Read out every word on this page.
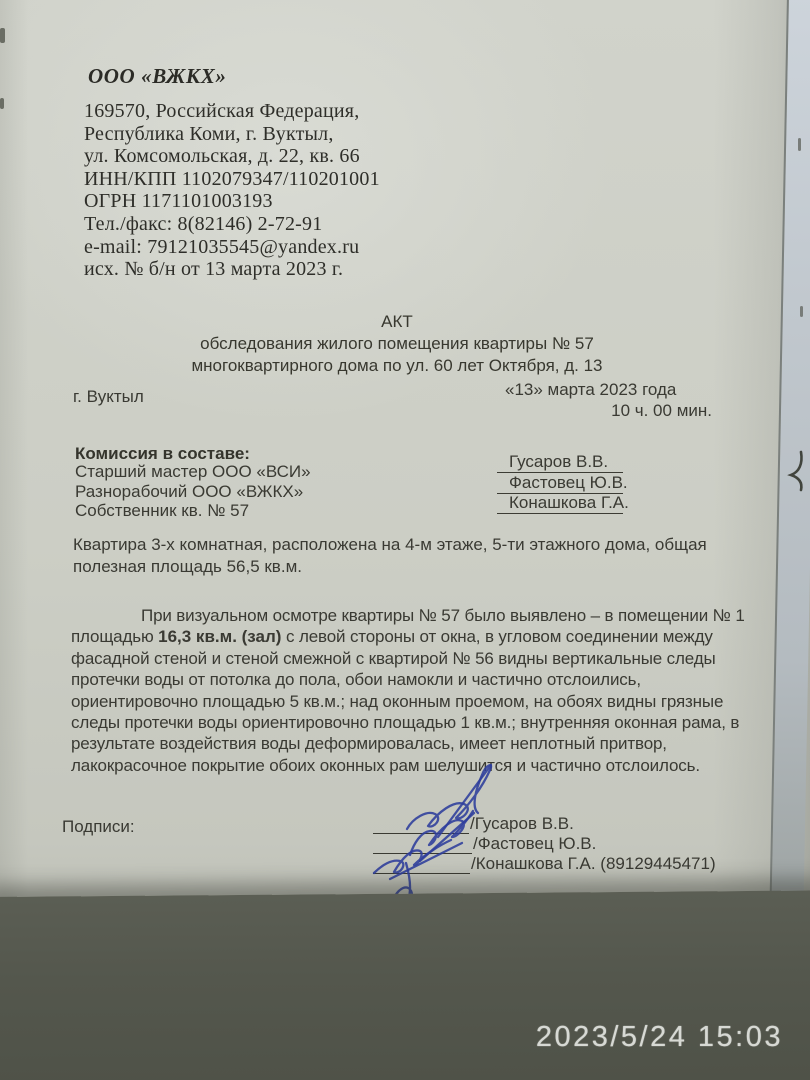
ООО «ВЖКХ»
169570, Российская Федерация,
Республика Коми, г. Вуктыл,
ул. Комсомольская, д. 22, кв. 66
ИНН/КПП 1102079347/110201001
ОГРН 1171101003193
Тел./факс: 8(82146) 2-72-91
e-mail: 79121035545@yandex.ru
исх. № б/н от 13 марта 2023 г.
АКТ
обследования жилого помещения квартиры № 57
многоквартирного дома по ул. 60 лет Октября, д. 13
г. Вуктыл	«13» марта 2023 года
10 ч. 00 мин.
Комиссия в составе:
Старший мастер ООО «ВСИ»
Разнорабочий ООО «ВЖКХ»
Собственник кв. № 57
Гусаров В.В.
Фастовец Ю.В.
Конашкова Г.А.
Квартира 3-х комнатная, расположена на 4-м этаже, 5-ти этажного дома, общая полезная площадь 56,5 кв.м.
При визуальном осмотре квартиры № 57 было выявлено – в помещении № 1 площадью 16,3 кв.м. (зал) с левой стороны от окна, в угловом соединении между фасадной стеной и стеной смежной с квартирой № 56 видны вертикальные следы протечки воды от потолка до пола, обои намокли и частично отслоились, ориентировочно площадью 5 кв.м.; над оконным проемом, на обоях видны грязные следы протечки воды ориентировочно площадью 1 кв.м.; внутренняя оконная рама, в результате воздействия воды деформировалась, имеет неплотный притвор, лакокрасочное покрытие обоих оконных рам шелушится и частично отслоилось.
Подписи:	/Гусаров В.В.
/Фастовец Ю.В.
/Конашкова Г.А. (89129445471)
2023/5/24 15:03
